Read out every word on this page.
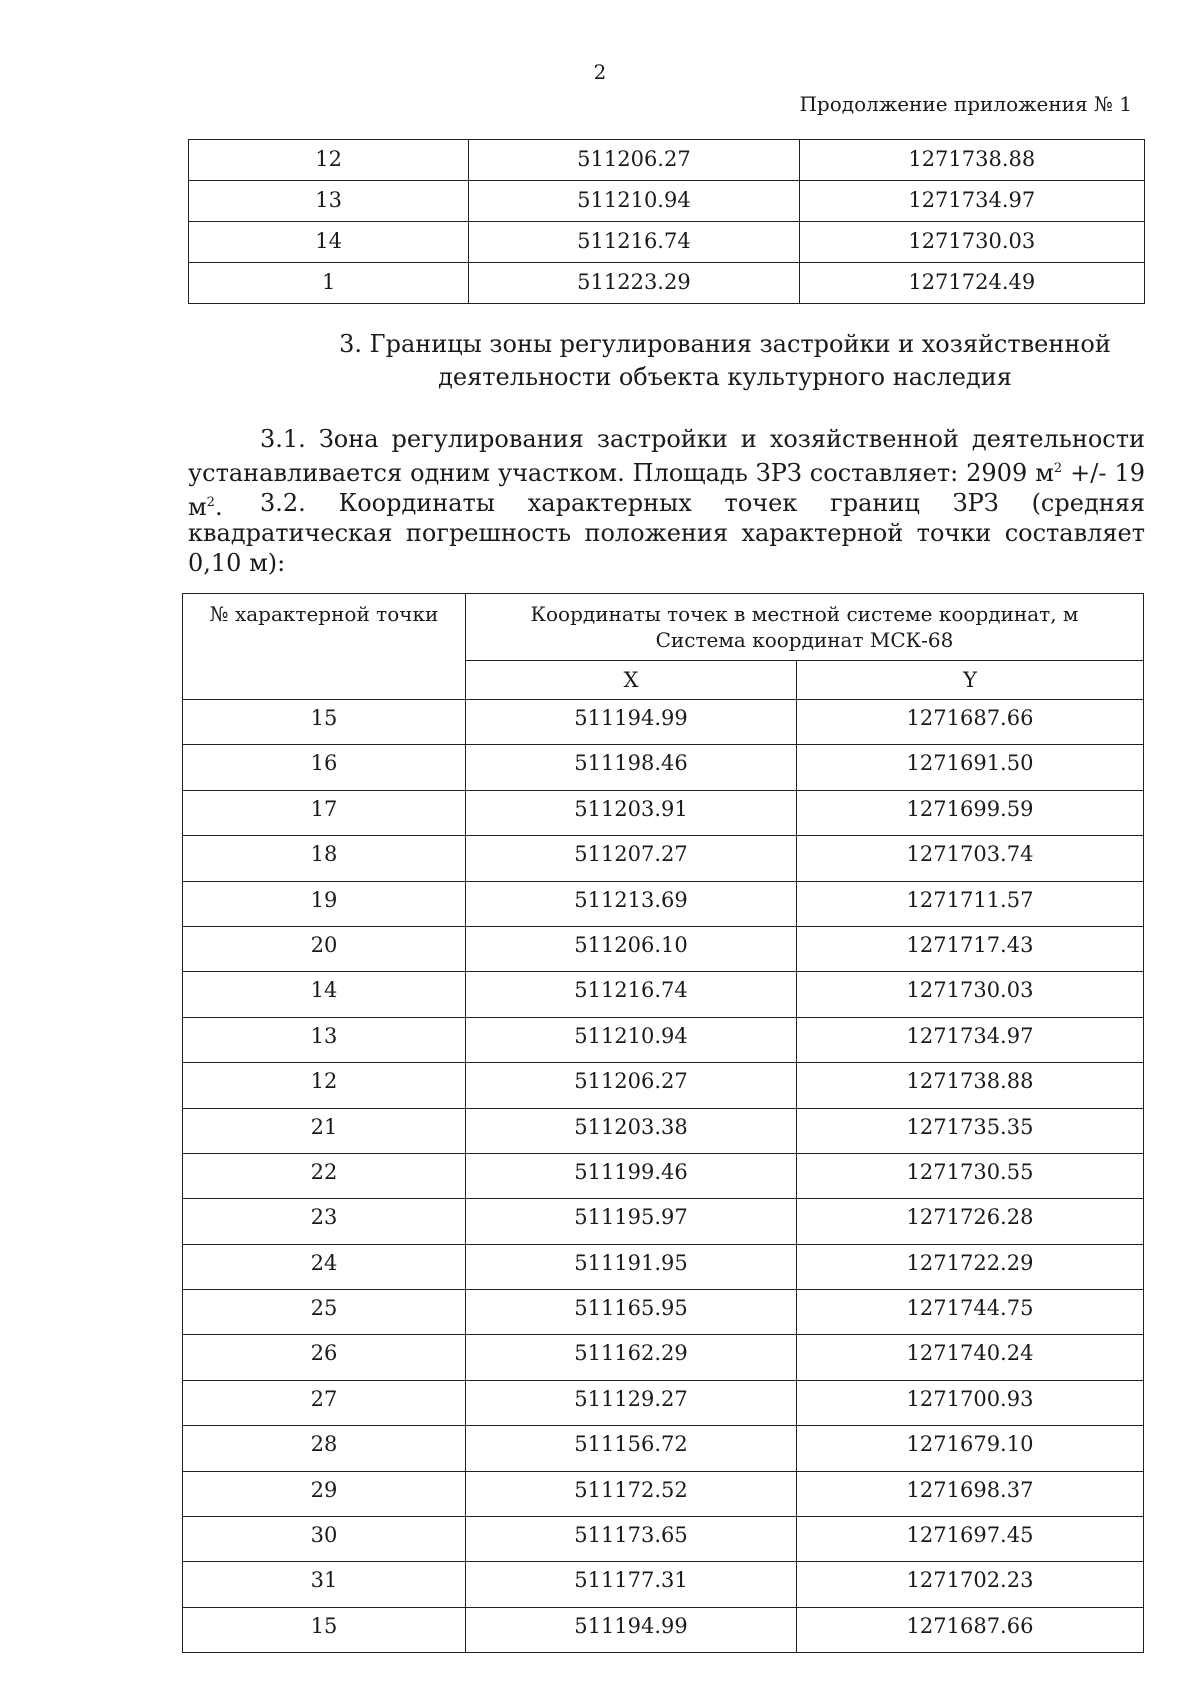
2
Продолжение приложения № 1
12	511206.27	1271738.88
13	511210.94	1271734.97
14	511216.74	1271730.03
1	511223.29	1271724.49
3. Границы зоны регулирования застройки и хозяйственной
деятельности объекта культурного наследия
3.1. Зона регулирования застройки и хозяйственной деятельности устанавливается одним участком. Площадь ЗРЗ составляет: 2909 $м^2$ +/- 19 $м^2$.	3.2. Координаты характерных точек границ ЗРЗ (средняя квадратическая погрешность положения характерной точки составляет 0,10 м):
№ характерной точки	Координаты точек в местной системе координат, м
Система координат МСК-68	

	X	Y
15	511194.99	1271687.66
16	511198.46	1271691.50
17	511203.91	1271699.59
18	511207.27	1271703.74
19	511213.69	1271711.57
20	511206.10	1271717.43
14	511216.74	1271730.03
13	511210.94	1271734.97
12	511206.27	1271738.88
21	511203.38	1271735.35
22	511199.46	1271730.55
23	511195.97	1271726.28
24	511191.95	1271722.29
25	511165.95	1271744.75
26	511162.29	1271740.24
27	511129.27	1271700.93
28	511156.72	1271679.10
29	511172.52	1271698.37
30	511173.65	1271697.45
31	511177.31	1271702.23
15	511194.99	1271687.66
